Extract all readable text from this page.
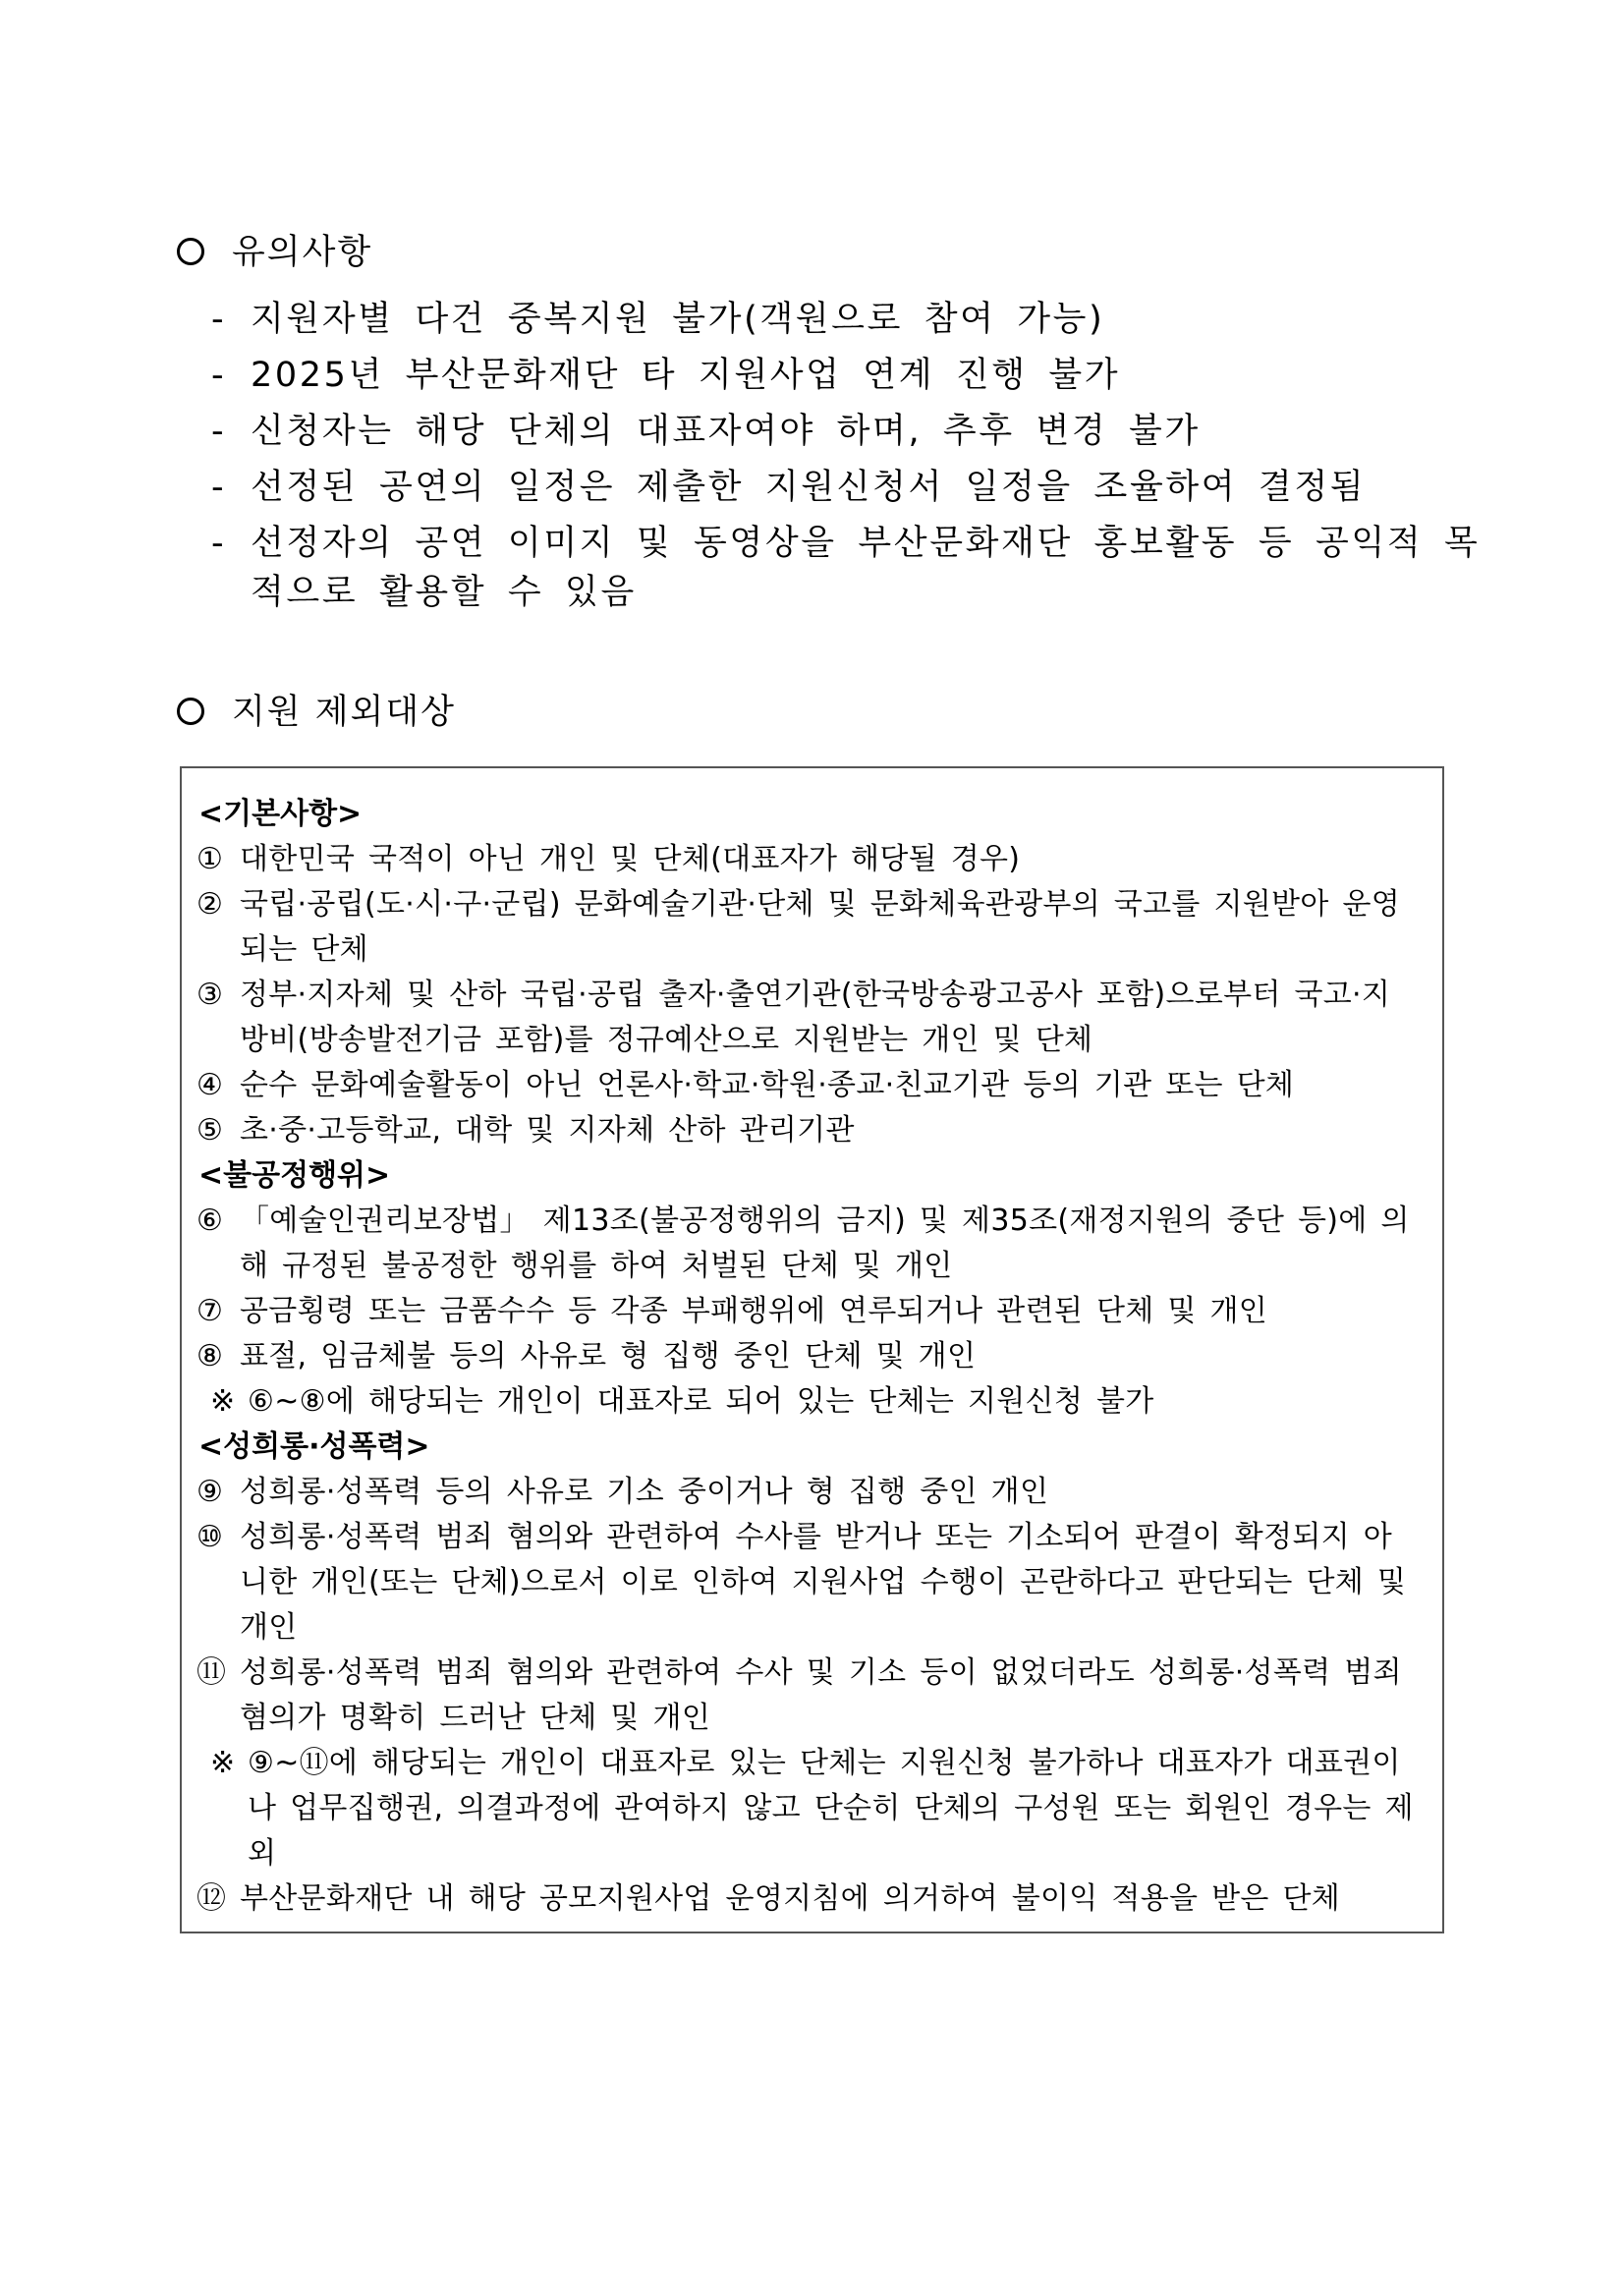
유의사항
- 지원자별 다건 중복지원 불가(객원으로 참여 가능)
- 2025년 부산문화재단 타 지원사업 연계 진행 불가
- 신청자는 해당 단체의 대표자여야 하며, 추후 변경 불가
- 선정된 공연의 일정은 제출한 지원신청서 일정을 조율하여 결정됨
- 선정자의 공연 이미지 및 동영상을 부산문화재단 홍보활동 등 공익적 목적으로 활용할 수 있음
지원 제외대상
<기본사항>
① 대한민국 국적이 아닌 개인 및 단체(대표자가 해당될 경우)
② 국립·공립(도·시·구·군립) 문화예술기관·단체 및 문화체육관광부의 국고를 지원받아 운영되는 단체
③ 정부·지자체 및 산하 국립·공립 출자·출연기관(한국방송광고공사 포함)으로부터 국고·지방비(방송발전기금 포함)를 정규예산으로 지원받는 개인 및 단체
④ 순수 문화예술활동이 아닌 언론사·학교·학원·종교·친교기관 등의 기관 또는 단체
⑤ 초·중·고등학교, 대학 및 지자체 산하 관리기관
<불공정행위>
⑥ 「예술인권리보장법」 제13조(불공정행위의 금지) 및 제35조(재정지원의 중단 등)에 의해 규정된 불공정한 행위를 하여 처벌된 단체 및 개인
⑦ 공금횡령 또는 금품수수 등 각종 부패행위에 연루되거나 관련된 단체 및 개인
⑧ 표절, 임금체불 등의 사유로 형 집행 중인 단체 및 개인
※ ⑥~⑧에 해당되는 개인이 대표자로 되어 있는 단체는 지원신청 불가
<성희롱·성폭력>
⑨ 성희롱·성폭력 등의 사유로 기소 중이거나 형 집행 중인 개인
⑩ 성희롱·성폭력 범죄 혐의와 관련하여 수사를 받거나 또는 기소되어 판결이 확정되지 아니한 개인(또는 단체)으로서 이로 인하여 지원사업 수행이 곤란하다고 판단되는 단체 및 개인
⑪ 성희롱·성폭력 범죄 혐의와 관련하여 수사 및 기소 등이 없었더라도 성희롱·성폭력 범죄 혐의가 명확히 드러난 단체 및 개인
※ ⑨~⑪에 해당되는 개인이 대표자로 있는 단체는 지원신청 불가하나 대표자가 대표권이나 업무집행권, 의결과정에 관여하지 않고 단순히 단체의 구성원 또는 회원인 경우는 제외
⑫ 부산문화재단 내 해당 공모지원사업 운영지침에 의거하여 불이익 적용을 받은 단체
